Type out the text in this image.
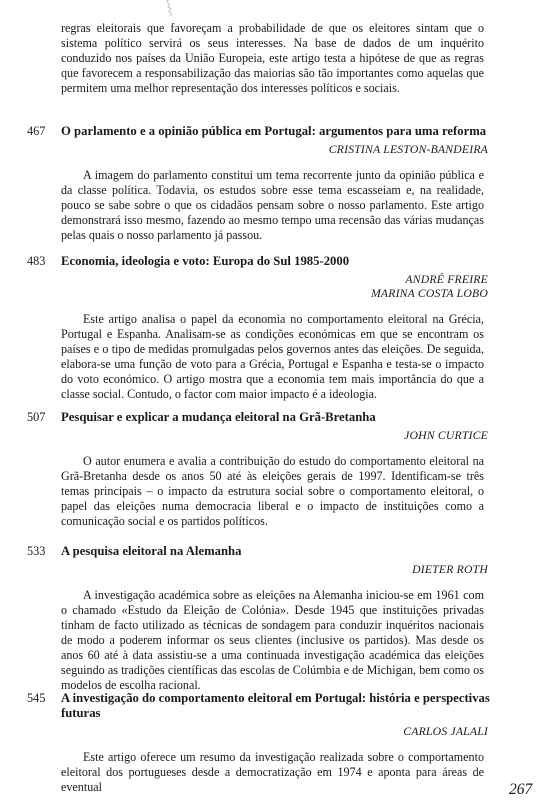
⸾

regras eleitorais que favoreçam a probabilidade de que os eleitores sintam que o sistema político servirá os seus interesses. Na base de dados de um inquérito conduzido nos países da União Europeia, este artigo testa a hipótese de que as regras que favorecem a responsabilização das maiorias são tão importantes como aquelas que permitem uma melhor representação dos interesses políticos e sociais.

467 O parlamento e a opinião pública em Portugal: argumentos para uma reforma
CRISTINA LESTON-BANDEIRA

A imagem do parlamento constitui um tema recorrente junto da opinião pública e da classe política. Todavia, os estudos sobre esse tema escasseiam e, na realidade, pouco se sabe sobre o que os cidadãos pensam sobre o nosso parlamento. Este artigo demonstrará isso mesmo, fazendo ao mesmo tempo uma recensão das várias mudanças pelas quais o nosso parlamento já passou.

483 Economia, ideologia e voto: Europa do Sul 1985-2000
ANDRÉ FREIRE
MARINA COSTA LOBO

Este artigo analisa o papel da economia no comportamento eleitoral na Grécia, Portugal e Espanha. Analisam-se as condições económicas em que se encontram os países e o tipo de medidas promulgadas pelos governos antes das eleições. De seguida, elabora-se uma função de voto para a Grécia, Portugal e Espanha e testa-se o impacto do voto económico. O artigo mostra que a economia tem mais importância do que a classe social. Contudo, o factor com maior impacto é a ideologia.

507 Pesquisar e explicar a mudança eleitoral na Grã-Bretanha
JOHN CURTICE

O autor enumera e avalia a contribuição do estudo do comportamento eleitoral na Grã-Bretanha desde os anos 50 até às eleições gerais de 1997. Identificam-se três temas principais – o impacto da estrutura social sobre o comportamento eleitoral, o papel das eleições numa democracia liberal e o impacto de instituições como a comunicação social e os partidos políticos.

533 A pesquisa eleitoral na Alemanha
DIETER ROTH

A investigação académica sobre as eleições na Alemanha iniciou-se em 1961 com o chamado «Estudo da Eleição de Colónia». Desde 1945 que instituições privadas tinham de facto utilizado as técnicas de sondagem para conduzir inquéritos nacionais de modo a poderem informar os seus clientes (inclusive os partidos). Mas desde os anos 60 até à data assistiu-se a uma continuada investigação académica das eleições seguindo as tradições científicas das escolas de Colúmbia e de Michigan, bem como os modelos de escolha racional.

545 A investigação do comportamento eleitoral em Portugal: história e perspectivas futuras
CARLOS JALALI

Este artigo oferece um resumo da investigação realizada sobre o comportamento eleitoral dos portugueses desde a democratização em 1974 e aponta para áreas de eventual	267
